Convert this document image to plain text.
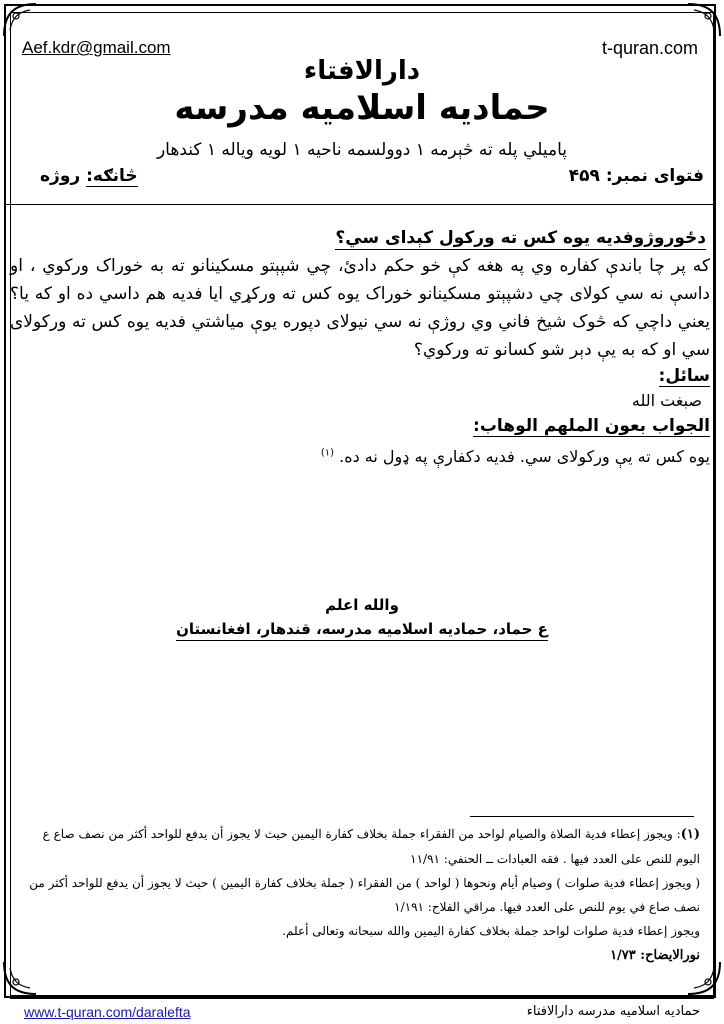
Aef.kdr@gmail.com	t-quran.com
دارالافتاء
حمادیه اسلامیه مدرسه
پامیلي پله ته څېرمه ۱ دوولسمه ناحیه ۱ لویه ویاله ۱ کندهار
فتوای نمبر: ۴۵۹
څانګه: روژه
دځوروژوفدیه یوه کس ته ورکول کېدای سي؟

که پر چا باندې کفاره وي په هغه کې خو حکم دادئ، چي شپېتو مسکینانو ته به خوراک ورکوي ، او داسې نه سي کولای چي دشپېتو مسکینانو خوراک یوه کس ته ورکړي ایا فدیه هم داسي ده او که یا؟ یعني داچي که څوک شیخ فاني وي روژې نه سي نیولای دپوره یوې میاشتي فدیه یوه کس ته ورکولای سي او که به یې دېر شو کسانو ته ورکوي؟

سائل:
صبغت الله
الجواب بعون الملهم الوهاب:
یوه کس ته یې ورکولای سي. فدیه دکفارې په ډول نه ده. $^{(۱)}$
والله اعلم
ع حماد، حمادیه اسلامیه مدرسه، قندهار، افغانستان

(۱): ويجوز إعطاء فدية الصلاة والصيام لواحد من الفقراء جملة بخلاف كفارة اليمين حيث لا يجوز أن يدفع للواحد أكثر من نصف صاع ع اليوم للنص على العدد فيها . فقه العبادات ــ الحنفي: ۱۱/۹۱

( ويجوز إعطاء فدية صلوات ) وصيام أيام ونحوها ( لواحد ) من الفقراء ( جملة بخلاف كفارة اليمين ) حيث لا يجوز أن يدفع للواحد أكثر من نصف صاع في يوم للنص على العدد فيها. مراقي الفلاح: ۱/۱۹۱

ويجوز إعطاء فدية صلوات لواحد جملة بخلاف كفارة اليمين والله سبحانه وتعالى أعلم.

نورالايضاح: ۱/۷۳

www.t-quran.com/daralefta	حمادیه اسلامیه مدرسه دارالافتاء
